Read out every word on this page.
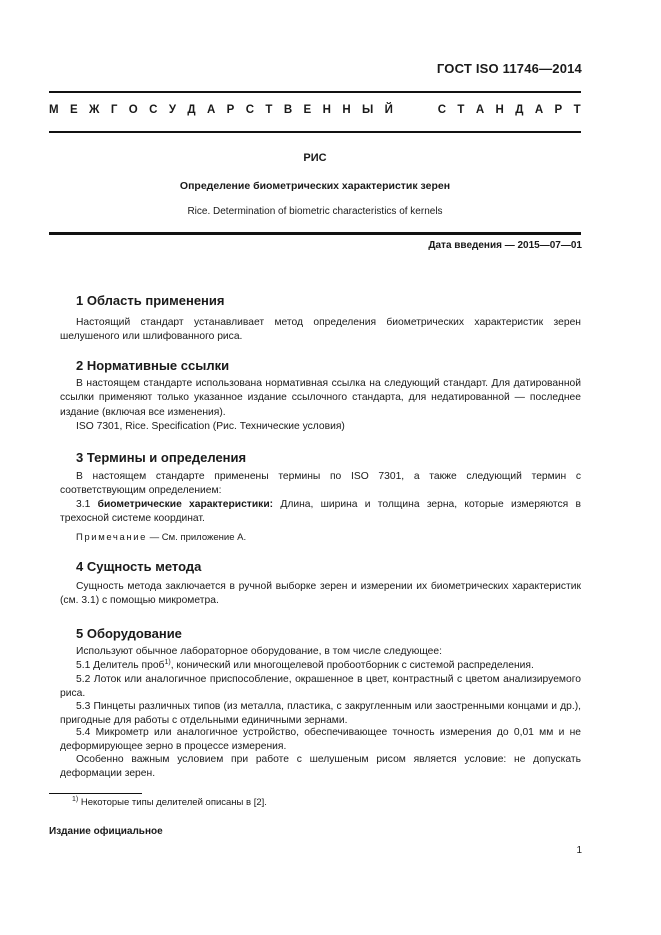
ГОСТ ISO 11746—2014
М Е Ж Г О С У Д А Р С Т В Е Н Н Ы Й	С Т А Н Д А Р Т
РИС
Определение биометрических характеристик зерен
Rice. Determination of biometric characteristics of kernels
Дата введения — 2015—07—01
1 Область применения

Настоящий стандарт устанавливает метод определения биометрических характеристик зерен шелушеного или шлифованного риса.

2 Нормативные ссылки

В настоящем стандарте использована нормативная ссылка на следующий стандарт. Для датированной ссылки применяют только указанное издание ссылочного стандарта, для недатированной — последнее издание (включая все изменения).

ISO 7301, Rice. Specification (Рис. Технические условия)

3 Термины и определения

В настоящем стандарте применены термины по ISO 7301, а также следующий термин с соответствующим определением:

3.1 биометрические характеристики: Длина, ширина и толщина зерна, которые измеряются в трехосной системе координат.

Примечание — См. приложение А.

4 Сущность метода

Сущность метода заключается в ручной выборке зерен и измерении их биометрических характеристик (см. 3.1) с помощью микрометра.

5 Оборудование

Используют обычное лабораторное оборудование, в том числе следующее:

5.1 Делитель проб$^{1)}$, конический или многощелевой пробоотборник с системой распределения.

5.2 Лоток или аналогичное приспособление, окрашенное в цвет, контрастный с цветом анализируемого риса.

5.3 Пинцеты различных типов (из металла, пластика, с закругленным или заостренными концами и др.), пригодные для работы с отдельными единичными зернами.

5.4 Микрометр или аналогичное устройство, обеспечивающее точность измерения до 0,01 мм и не деформирующее зерно в процессе измерения.

Особенно важным условием при работе с шелушеным рисом является условие: не допускать деформации зерен.

$^{1)}$ Некоторые типы делителей описаны в [2].
Издание официальное
1
